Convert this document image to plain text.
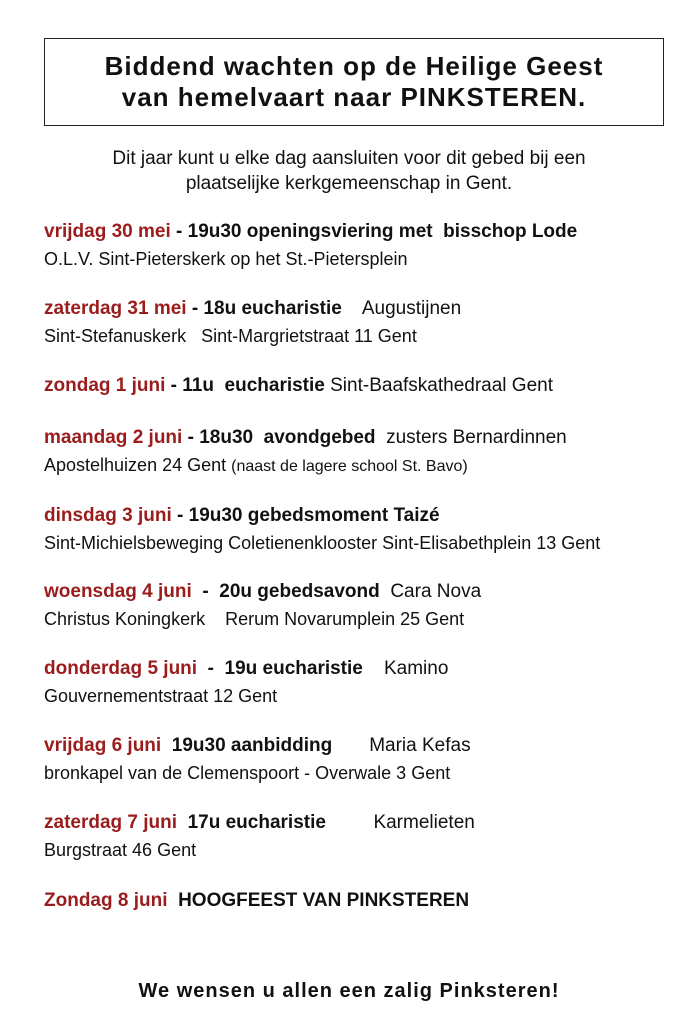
Biddend wachten op de Heilige Geest
van hemelvaart naar PINKSTEREN.
Dit jaar kunt u elke dag aansluiten voor dit gebed bij een
plaatselijke kerkgemeenschap in Gent.
vrijdag 30 mei - 19u30 openingsviering met  bisschop Lode
O.L.V. Sint-Pieterskerk op het St.-Pietersplein
zaterdag 31 mei - 18u eucharistie    Augustijnen
Sint-Stefanuskerk   Sint-Margrietstraat 11 Gent
zondag 1 juni - 11u  eucharistie Sint-Baafskathedraal Gent
maandag 2 juni - 18u30  avondgebed  zusters Bernardinnen
Apostelhuizen 24 Gent (naast de lagere school St. Bavo)
dinsdag 3 juni - 19u30 gebedsmoment Taizé
Sint-Michielsbeweging Coletienenklooster Sint-Elisabethplein 13 Gent
woensdag 4 juni  -  20u gebedsavond  Cara Nova
Christus Koningkerk    Rerum Novarumplein 25 Gent
donderdag 5 juni  -  19u eucharistie    Kamino
Gouvernementstraat 12 Gent
vrijdag 6 juni 19u30 aanbidding       Maria Kefas
bronkapel van de Clemenspoort - Overwale 3 Gent
zaterdag 7 juni 17u eucharistie         Karmelieten
Burgstraat 46 Gent
Zondag 8 juni HOOGFEEST VAN PINKSTEREN
We wensen u allen een zalig Pinksteren!
